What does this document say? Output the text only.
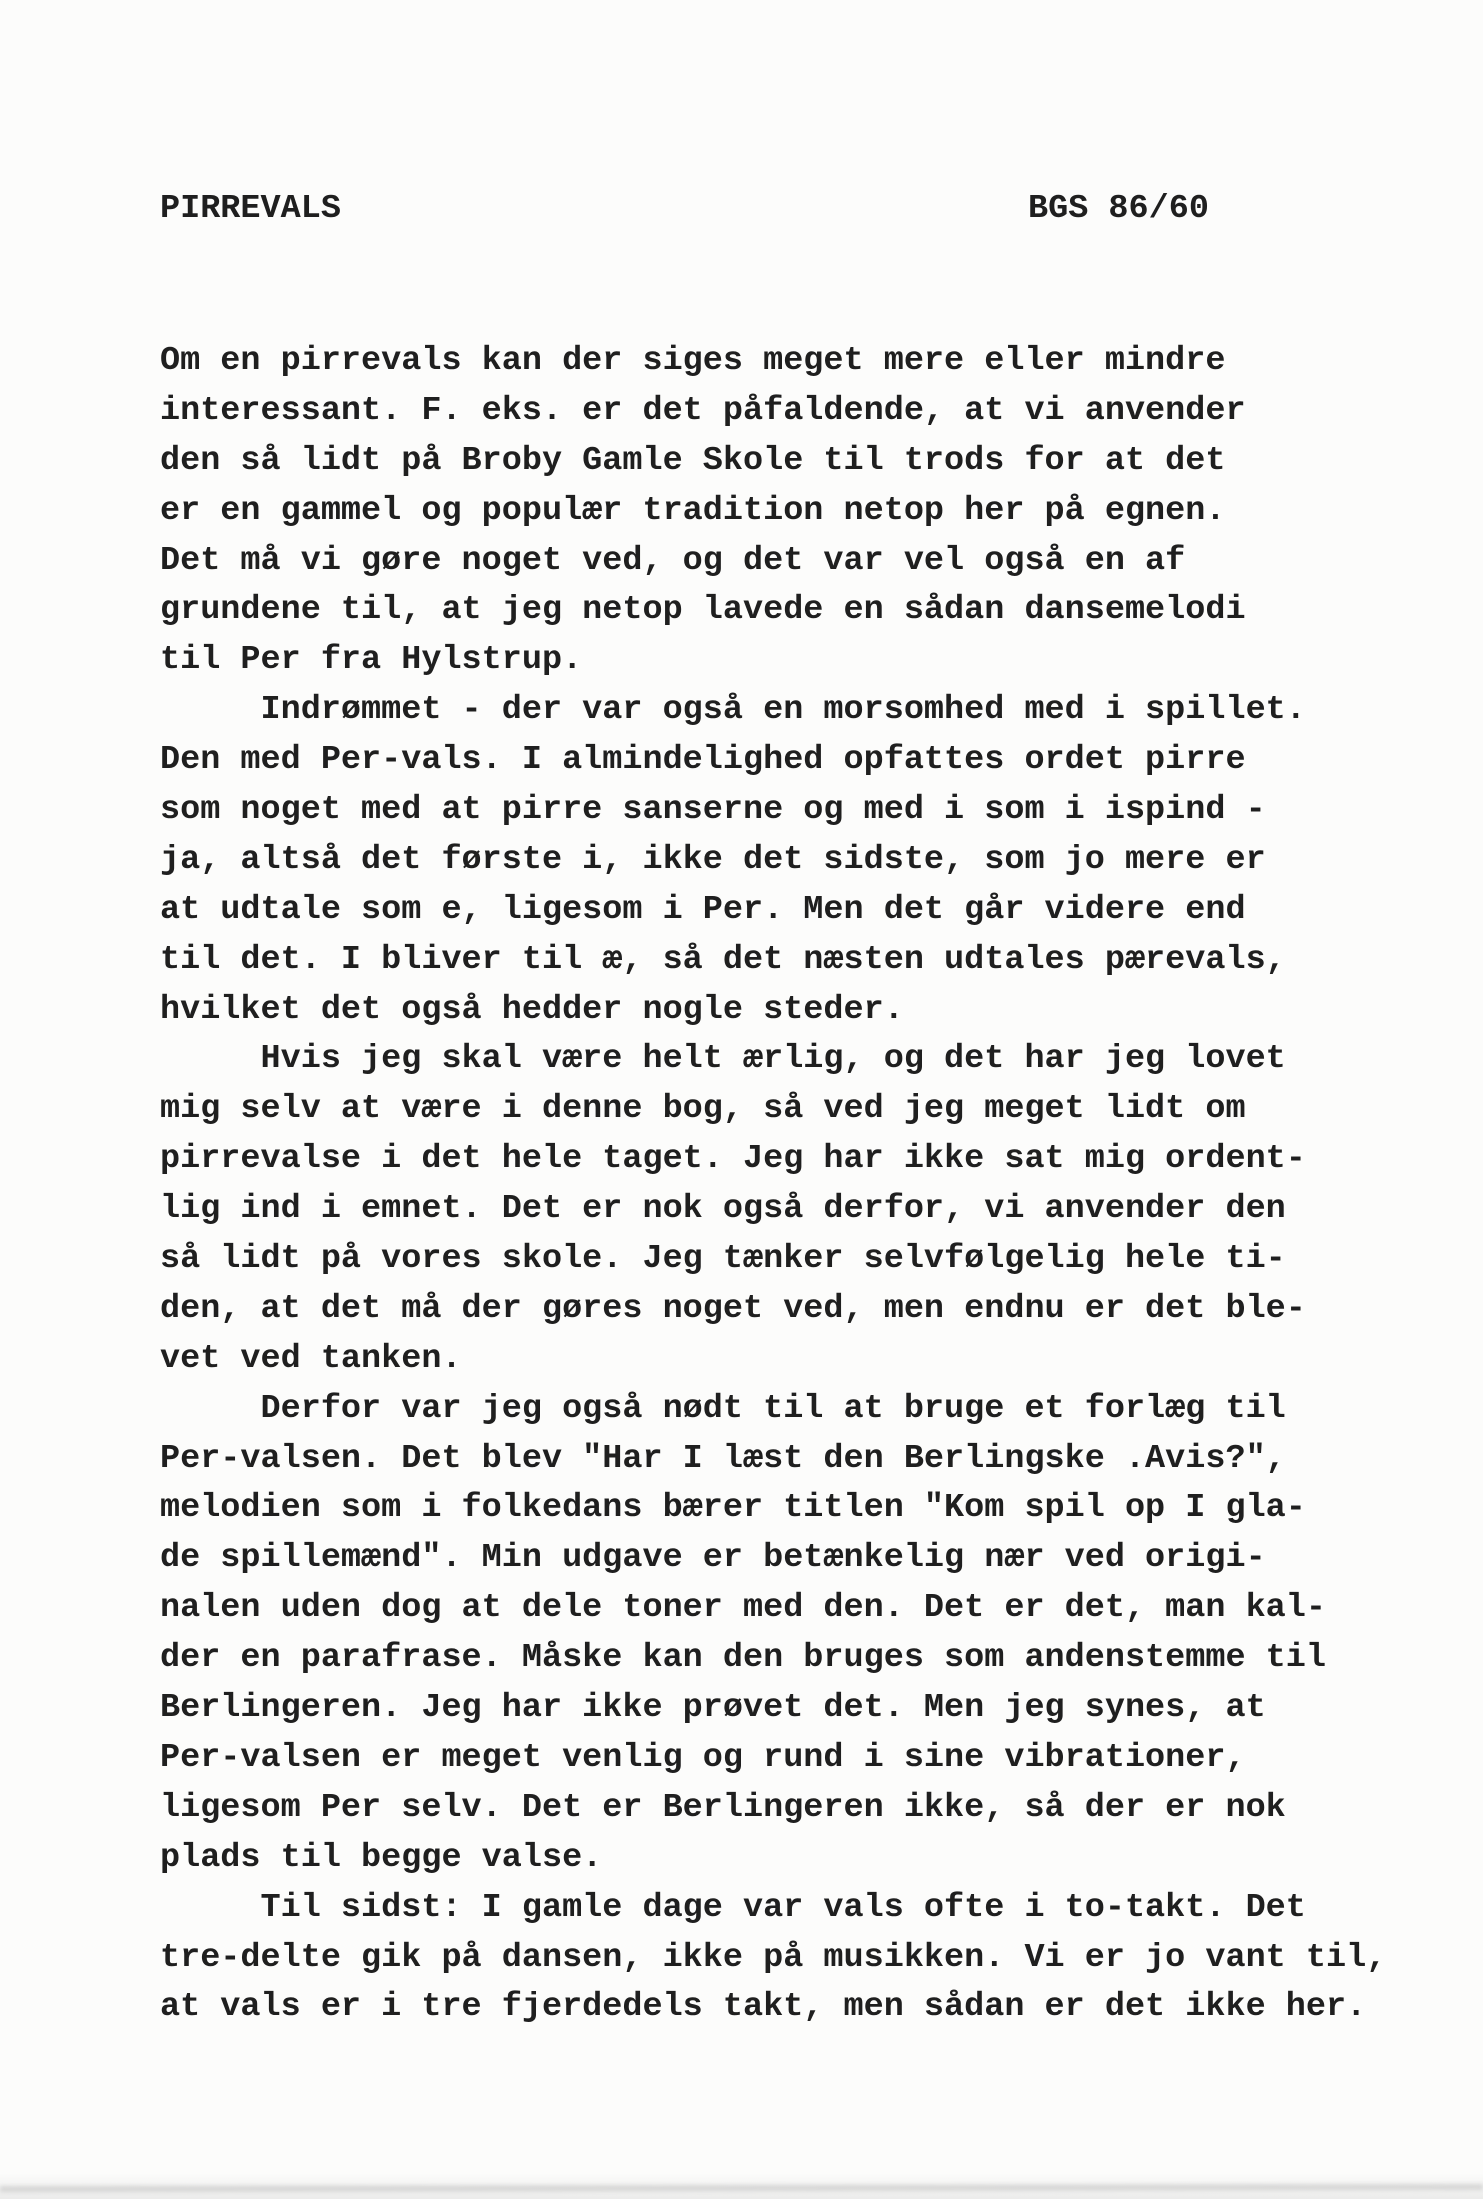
PIRREVALS	BGS 86/60
Om en pirrevals kan der siges meget mere eller mindre
interessant. F. eks. er det påfaldende, at vi anvender
den så lidt på Broby Gamle Skole til trods for at det
er en gammel og populær tradition netop her på egnen.
Det må vi gøre noget ved, og det var vel også en af
grundene til, at jeg netop lavede en sådan dansemelodi
til Per fra Hylstrup.
Indrømmet - der var også en morsomhed med i spillet.
Den med Per-vals. I almindelighed opfattes ordet pirre
som noget med at pirre sanserne og med i som i ispind -
ja, altså det første i, ikke det sidste, som jo mere er
at udtale som e, ligesom i Per. Men det går videre end
til det. I bliver til æ, så det næsten udtales pærevals,
hvilket det også hedder nogle steder.
Hvis jeg skal være helt ærlig, og det har jeg lovet
mig selv at være i denne bog, så ved jeg meget lidt om
pirrevalse i det hele taget. Jeg har ikke sat mig ordent-
lig ind i emnet. Det er nok også derfor, vi anvender den
så lidt på vores skole. Jeg tænker selvfølgelig hele ti-
den, at det må der gøres noget ved, men endnu er det ble-
vet ved tanken.
Derfor var jeg også nødt til at bruge et forlæg til
Per-valsen. Det blev "Har I læst den Berlingske .Avis?",
melodien som i folkedans bærer titlen "Kom spil op I gla-
de spillemænd". Min udgave er betænkelig nær ved origi-
nalen uden dog at dele toner med den. Det er det, man kal-
der en parafrase. Måske kan den bruges som andenstemme til
Berlingeren. Jeg har ikke prøvet det. Men jeg synes, at
Per-valsen er meget venlig og rund i sine vibrationer,
ligesom Per selv. Det er Berlingeren ikke, så der er nok
plads til begge valse.
Til sidst: I gamle dage var vals ofte i to-takt. Det
tre-delte gik på dansen, ikke på musikken. Vi er jo vant til,
at vals er i tre fjerdedels takt, men sådan er det ikke her.
